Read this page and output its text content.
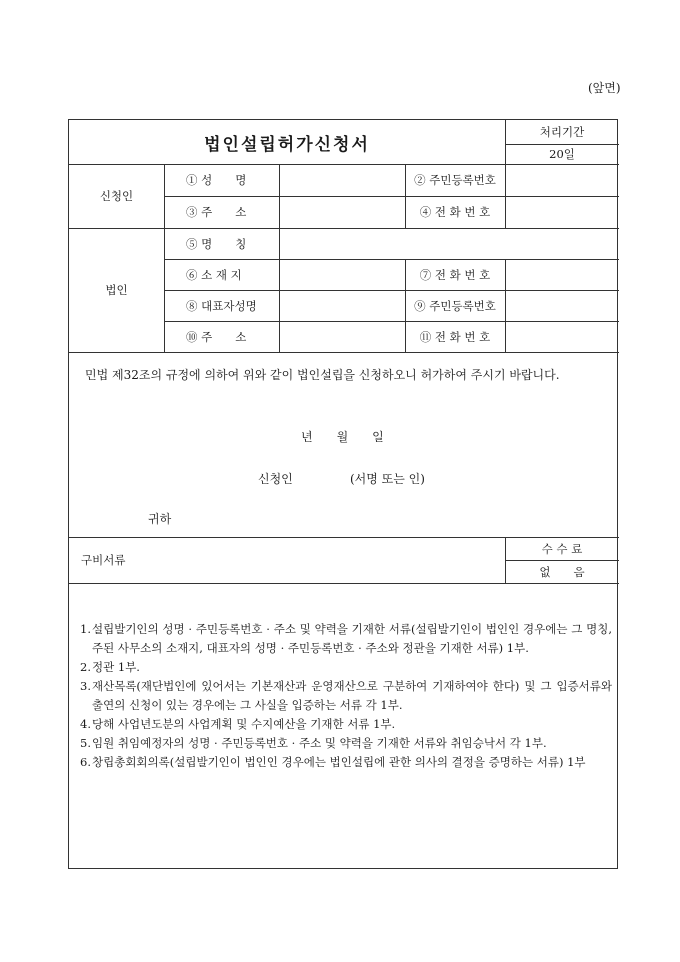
(앞면)
법인설립허가신청서
처리기간
20일
신청인
① 성　　명	② 주민등록번호
③ 주　　소	④ 전 화 번 호
법인
⑤ 명　　칭
⑥ 소 재 지	⑦ 전 화 번 호
⑧ 대표자성명	⑨ 주민등록번호
⑩ 주　　소	⑪ 전 화 번 호

민법 제32조의 규정에 의하여 위와 같이 법인설립을 신청하오니 허가하여 주시기 바랍니다.

년　　월　　일
신청인	(서명 또는 인)
귀하
구비서류
수 수 료
없　　음
1. 설립발기인의 성명 · 주민등록번호 · 주소 및 약력을 기재한 서류(설립발기인이 법인인 경우에는 그 명칭, 주된 사무소의 소재지, 대표자의 성명 · 주민등록번호 · 주소와 정관을 기재한 서류) 1부.
2. 정관 1부.
3. 재산목록(재단법인에 있어서는 기본재산과 운영재산으로 구분하여 기재하여야 한다) 및 그 입증서류와 출연의 신청이 있는 경우에는 그 사실을 입증하는 서류 각 1부.
4. 당해 사업년도분의 사업계획 및 수지예산을 기재한 서류 1부.
5. 임원 취임예정자의 성명 · 주민등록번호 · 주소 및 약력을 기재한 서류와 취임승낙서 각 1부.
6. 창립총회회의록(설립발기인이 법인인 경우에는 법인설립에 관한 의사의 결정을 증명하는 서류) 1부
